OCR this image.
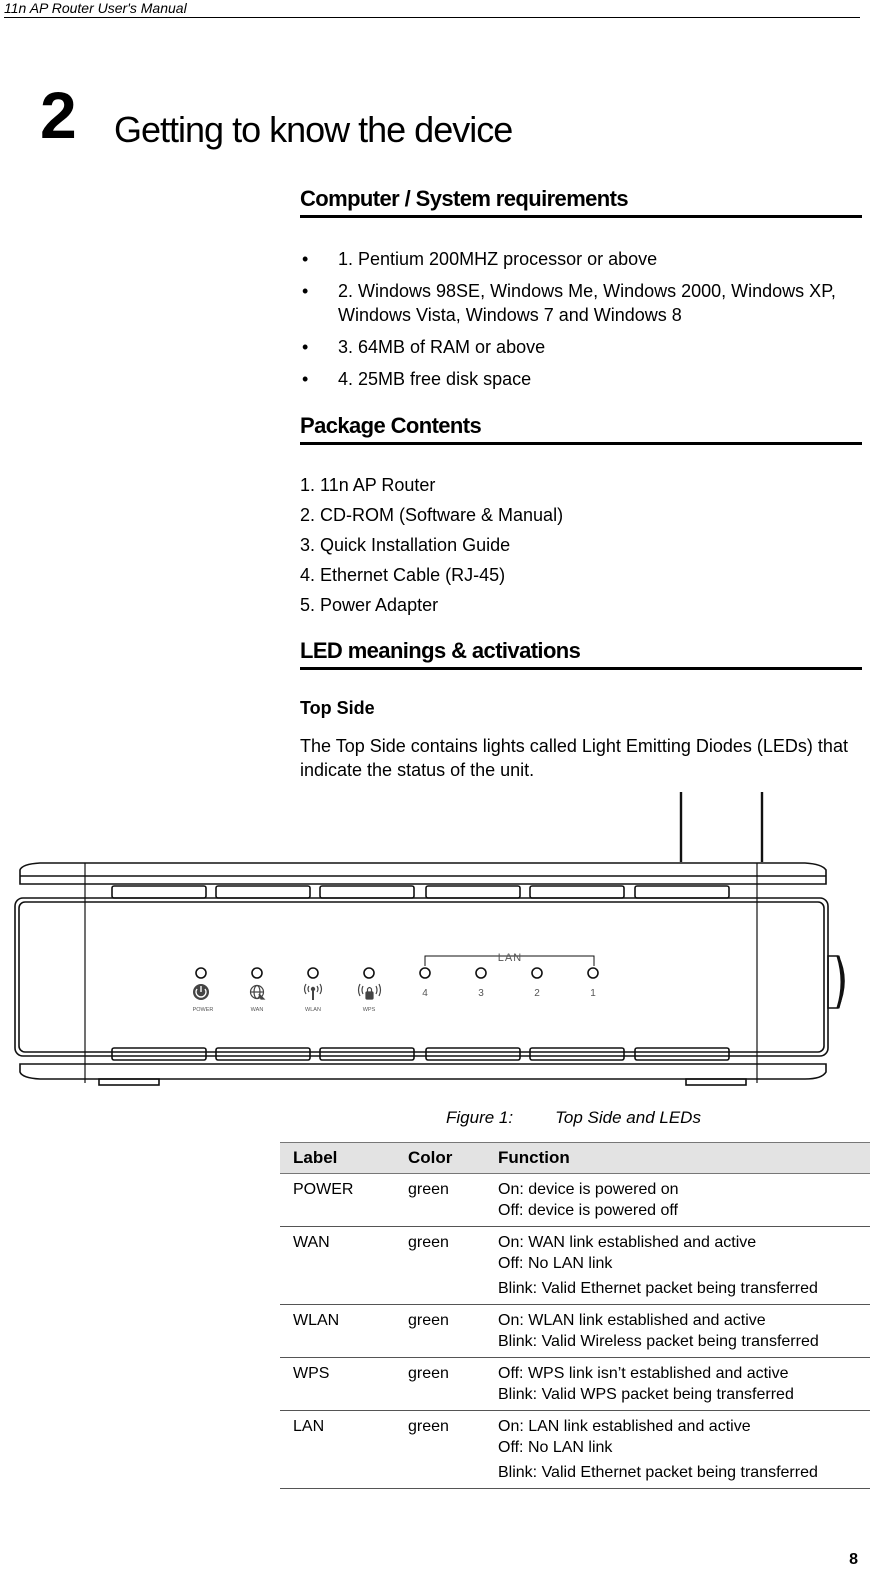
11n AP Router User's Manual
2 Getting to know the device
Computer / System requirements
• 1. Pentium 200MHZ processor or above
• 2. Windows 98SE, Windows Me, Windows 2000, Windows XP, Windows Vista, Windows 7 and Windows 8
• 3. 64MB of RAM or above
• 4. 25MB free disk space
Package Contents
1. 11n AP Router
2. CD-ROM (Software & Manual)
3. Quick Installation Guide
4. Ethernet Cable (RJ-45)
5. Power Adapter
LED meanings & activations
Top Side
The Top Side contains lights called Light Emitting Diodes (LEDs) that indicate the status of the unit.
LAN
POWER	WAN	WLAN	WPS
4	3	2	1
Figure 1: Top Side and LEDs
Label	Color	Function
POWER	green	On: device is powered on
Off: device is powered off

WAN	green	On: WAN link established and active
Off: No LAN link
Blink: Valid Ethernet packet being transferred

WLAN	green	On: WLAN link established and active
Blink: Valid Wireless packet being transferred

WPS	green	Off: WPS link isn’t established and active
Blink: Valid WPS packet being transferred

LAN	green	On: LAN link established and active
Off: No LAN link
Blink: Valid Ethernet packet being transferred
8
